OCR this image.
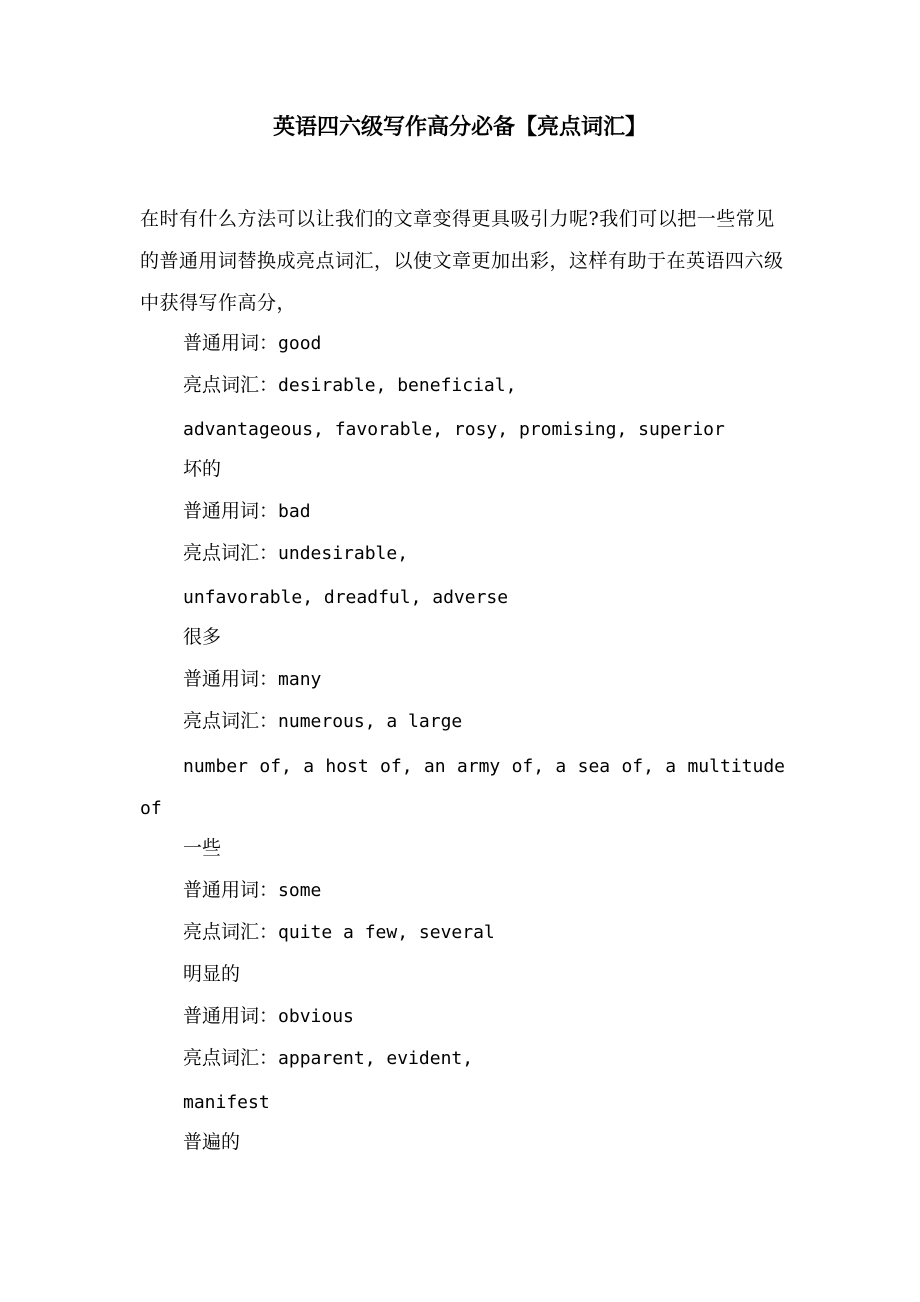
英语四六级写作高分必备【亮点词汇】
在时有什么方法可以让我们的文章变得更具吸引力呢?我们可以把一些常见的普通用词替换成亮点词汇，以使文章更加出彩，这样有助于在英语四六级中获得写作高分，
普通用词：good
亮点词汇：desirable, beneficial,
advantageous, favorable, rosy, promising, superior
坏的
普通用词：bad
亮点词汇：undesirable,
unfavorable, dreadful, adverse
很多
普通用词：many
亮点词汇：numerous, a large
number of, a host of, an army of, a sea of, a multitude of
一些
普通用词：some
亮点词汇：quite a few, several
明显的
普通用词：obvious
亮点词汇：apparent, evident,
manifest
普遍的
